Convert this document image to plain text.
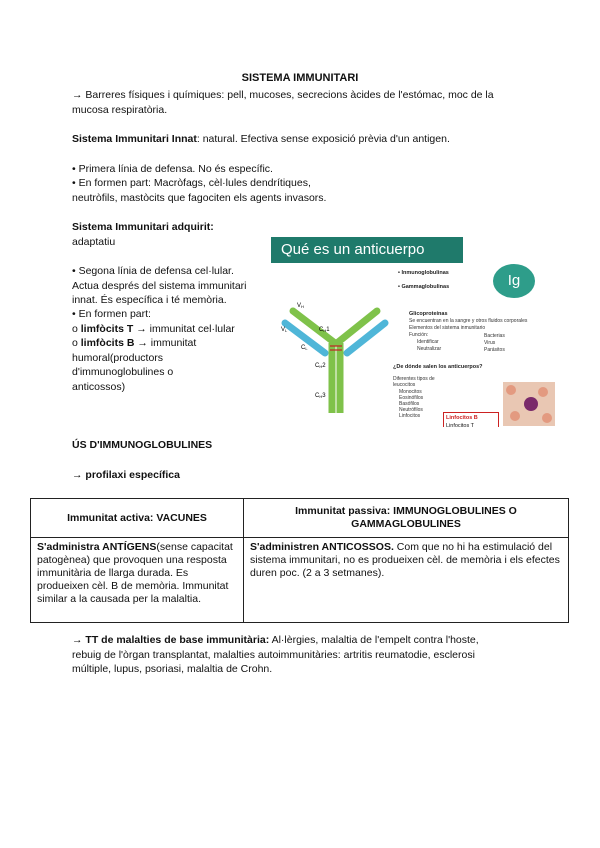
SISTEMA IMMUNITARI
→ Barreres físiques i químiques: pell, mucoses, secrecions àcides de l'estómac, moc de la
mucosa respiratòria.
Sistema Immunitari Innat: natural. Efectiva sense exposició prèvia d'un antigen.
• Primera línia de defensa. No és específic.
• En formen part: Macròfags, cèl·lules dendrítiques,
neutròfils, mastòcits que fagociten els agents invasors.
Sistema Immunitari adquirit:
adaptatiu
• Segona línia de defensa cel·lular.
Actua després del sistema immunitari
innat. És específica i té memòria.
• En formen part:
o limfòcits T → immunitat cel·lular
o limfòcits B → immunitat
humoral(productors
d'immunoglobulines o
anticossos)
Qué es un anticuerpo
Ig
• Inmunoglobulinas
• Gammaglobulinas
VH
VL	CH1
CL
CH2
CH3
Glicoproteínas
Se encuentran en la sangre y otros fluidos corporales
Elementos del sistema inmunitario
Función:
Identificar
Neutralizar
Bacterias
Virus
Parásitos
¿De dónde salen los anticuerpos?
Diferentes tipos de
leucocitos
Monocitos
Eosinófilos
Basófilos
Neutrófilos
Linfocitos	Linfocitos B
Linfocitos T
ÚS D'IMMUNOGLOBULINES
→ profilaxi específica
Immunitat activa: VACUNES	Immunitat passiva: IMMUNOGLOBULINES O
GAMMAGLOBULINES

S'administra ANTÍGENS(sense capacitat patogènea) que provoquen una resposta immunitària de llarga durada. Es produeixen cèl. B de memòria. Immunitat similar a la causada per la malaltia.	S'administren ANTICOSSOS. Com que no hi ha estimulació del sistema immunitari, no es produeixen cèl. de memòria i els efectes duren poc. (2 a 3 setmanes).
→ TT de malalties de base immunitària: Al·lèrgies, malaltia de l'empelt contra l'hoste,
rebuig de l'òrgan transplantat, malalties autoimmunitàries: artritis reumatodie, esclerosi
múltiple, lupus, psoriasi, malaltia de Crohn.
